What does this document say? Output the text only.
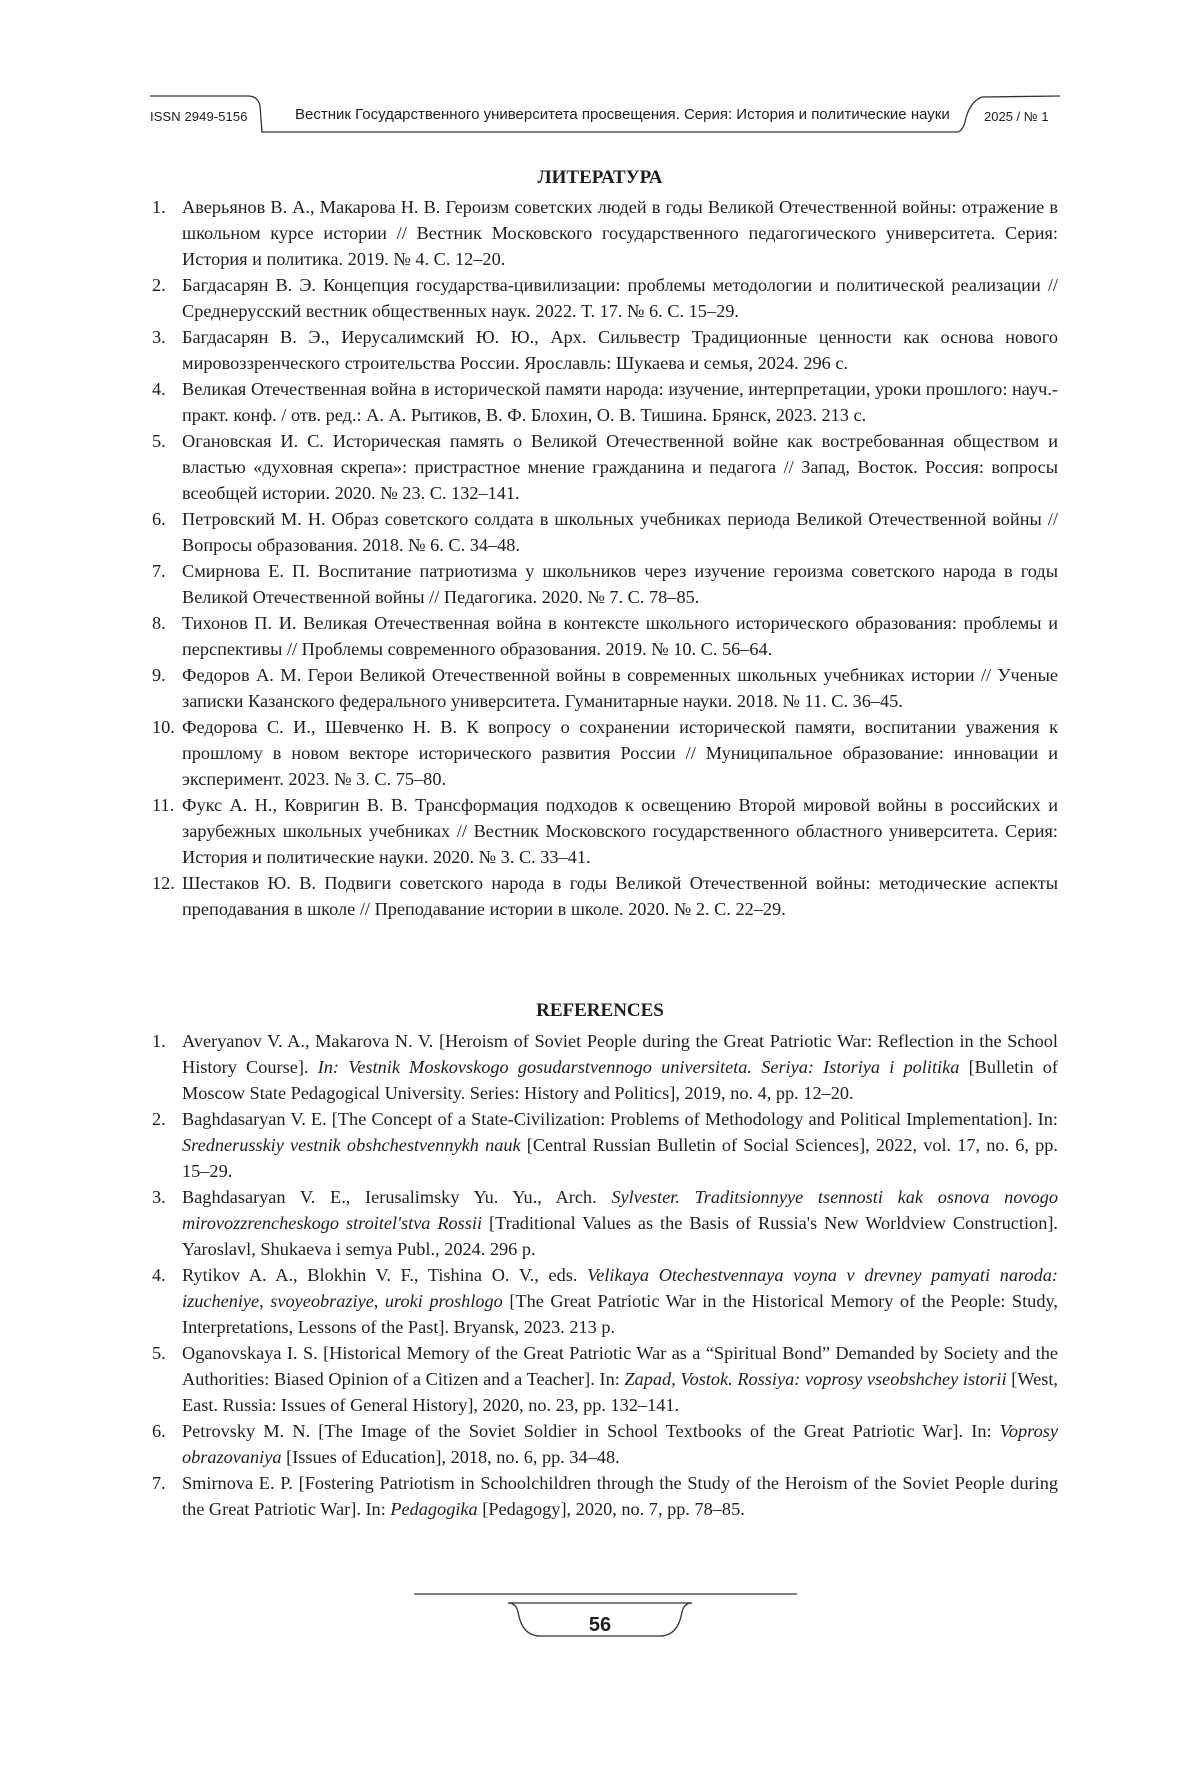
ISSN 2949-5156	Вестник Государственного университета просвещения. Серия: История и политические науки	2025 / № 1
ЛИТЕРАТУРА
1. Аверьянов В. А., Макарова Н. В. Героизм советских людей в годы Великой Отечественной войны: отражение в школьном курсе истории // Вестник Московского государственного педагогического университета. Серия: История и политика. 2019. № 4. С. 12–20.
2. Багдасарян В. Э. Концепция государства-цивилизации: проблемы методологии и политической реализации // Среднерусский вестник общественных наук. 2022. Т. 17. № 6. С. 15–29.
3. Багдасарян В. Э., Иерусалимский Ю. Ю., Арх. Сильвестр Традиционные ценности как основа нового мировоззренческого строительства России. Ярославль: Шукаева и семья, 2024. 296 с.
4. Великая Отечественная война в исторической памяти народа: изучение, интерпретации, уроки прошлого: науч.-практ. конф. / отв. ред.: А. А. Рытиков, В. Ф. Блохин, О. В. Тишина. Брянск, 2023. 213 с.
5. Огановская И. С. Историческая память о Великой Отечественной войне как востребованная обществом и властью «духовная скрепа»: пристрастное мнение гражданина и педагога // Запад, Восток. Россия: вопросы всеобщей истории. 2020. № 23. С. 132–141.
6. Петровский М. Н. Образ советского солдата в школьных учебниках периода Великой Отечественной войны // Вопросы образования. 2018. № 6. С. 34–48.
7. Смирнова Е. П. Воспитание патриотизма у школьников через изучение героизма советского народа в годы Великой Отечественной войны // Педагогика. 2020. № 7. С. 78–85.
8. Тихонов П. И. Великая Отечественная война в контексте школьного исторического образования: проблемы и перспективы // Проблемы современного образования. 2019. № 10. С. 56–64.
9. Федоров А. М. Герои Великой Отечественной войны в современных школьных учебниках истории // Ученые записки Казанского федерального университета. Гуманитарные науки. 2018. № 11. С. 36–45.
10. Федорова С. И., Шевченко Н. В. К вопросу о сохранении исторической памяти, воспитании уважения к прошлому в новом векторе исторического развития России // Муниципальное образование: инновации и эксперимент. 2023. № 3. С. 75–80.
11. Фукс А. Н., Ковригин В. В. Трансформация подходов к освещению Второй мировой войны в российских и зарубежных школьных учебниках // Вестник Московского государственного областного университета. Серия: История и политические науки. 2020. № 3. С. 33–41.
12. Шестаков Ю. В. Подвиги советского народа в годы Великой Отечественной войны: методические аспекты преподавания в школе // Преподавание истории в школе. 2020. № 2. С. 22–29.
REFERENCES
1. Averyanov V. A., Makarova N. V. [Heroism of Soviet People during the Great Patriotic War: Reflection in the School History Course]. In: Vestnik Moskovskogo gosudarstvennogo universiteta. Seriya: Istoriya i politika [Bulletin of Moscow State Pedagogical University. Series: History and Politics], 2019, no. 4, pp. 12–20.
2. Baghdasaryan V. E. [The Concept of a State-Civilization: Problems of Methodology and Political Implementation]. In: Srednerusskiy vestnik obshchestvennykh nauk [Central Russian Bulletin of Social Sciences], 2022, vol. 17, no. 6, pp. 15–29.
3. Baghdasaryan V. E., Ierusalimsky Yu. Yu., Arch. Sylvester. Traditsionnyye tsennosti kak osnova novogo mirovozzrencheskogo stroitel'stva Rossii [Traditional Values as the Basis of Russia's New Worldview Construction]. Yaroslavl, Shukaeva i semya Publ., 2024. 296 p.
4. Rytikov A. A., Blokhin V. F., Tishina O. V., eds. Velikaya Otechestvennaya voyna v drevney pamyati naroda: izucheniye, svoyeobraziye, uroki proshlogo [The Great Patriotic War in the Historical Memory of the People: Study, Interpretations, Lessons of the Past]. Bryansk, 2023. 213 p.
5. Oganovskaya I. S. [Historical Memory of the Great Patriotic War as a “Spiritual Bond” Demanded by Society and the Authorities: Biased Opinion of a Citizen and a Teacher]. In: Zapad, Vostok. Rossiya: voprosy vseobshchey istorii [West, East. Russia: Issues of General History], 2020, no. 23, pp. 132–141.
6. Petrovsky M. N. [The Image of the Soviet Soldier in School Textbooks of the Great Patriotic War]. In: Voprosy obrazovaniya [Issues of Education], 2018, no. 6, pp. 34–48.
7. Smirnova E. P. [Fostering Patriotism in Schoolchildren through the Study of the Heroism of the Soviet People during the Great Patriotic War]. In: Pedagogika [Pedagogy], 2020, no. 7, pp. 78–85.
56
